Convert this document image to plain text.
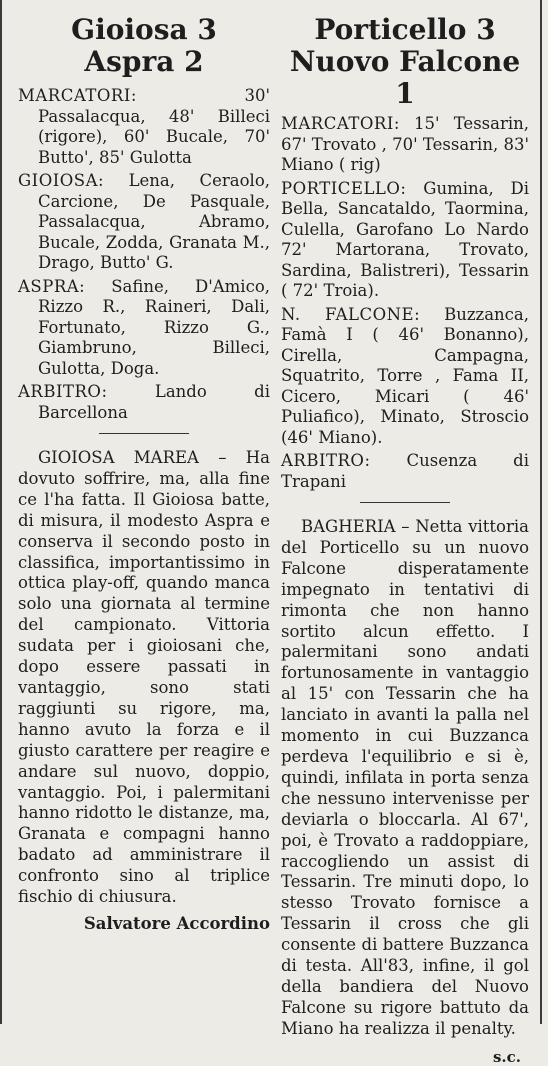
Gioiosa 3
Aspra 2

MARCATORI:	30' Passalacqua, 48' Billeci (rigore), 60' Bucale, 70' Butto', 85' Gulotta

GIOIOSA: Lena, Ceraolo, Carcione, De Pasquale, Passalacqua, Abramo, Bucale, Zodda, Granata M., Drago, Butto' G.

ASPRA: Safine, D'Amico, Rizzo R., Raineri, Dali, Fortunato, Rizzo G., Giambruno, Billeci, Gulotta, Doga.

ARBITRO:	Lando di Barcellona

GIOIOSA MAREA – Ha dovuto soffrire, ma, alla fine ce l'ha fatta. Il Gioiosa batte, di misura, il modesto Aspra e conserva il secondo posto in classifica, importantissimo in ottica play-off, quando manca solo una giornata al termine del campionato. Vittoria sudata per i gioiosani che, dopo essere passati in vantaggio, sono stati raggiunti su rigore, ma, hanno avuto la forza e il giusto carattere per reagire e andare sul nuovo, doppio, vantaggio. Poi, i palermitani hanno ridotto le distanze, ma, Granata e compagni hanno badato ad amministrare il confronto sino al triplice fischio di chiusura.

Salvatore Accordino
Porticello 3
Nuovo Falcone 1

MARCATORI: 15' Tessarin, 67' Trovato , 70' Tessarin, 83' Miano ( rig)

PORTICELLO: Gumina, Di Bella, Sancataldo, Taormina, Culella, Garofano Lo Nardo 72' Martorana, Trovato, Sardina, Balistreri), Tessarin ( 72' Troia).

N. FALCONE: Buzzanca, Famà I ( 46' Bonanno), Cirella, Campagna, Squatrito, Torre , Fama II, Cicero, Micari ( 46' Puliafico), Minato, Stroscio (46' Miano).

ARBITRO: Cusenza di Trapani

BAGHERIA – Netta vittoria del Porticello su un nuovo Falcone disperatamente impegnato in tentativi di rimonta che non hanno sortito alcun effetto. I palermitani sono andati fortunosamente in vantaggio al 15' con Tessarin che ha lanciato in avanti la palla nel momento in cui Buzzanca perdeva l'equilibrio e si è, quindi, infilata in porta senza che nessuno intervenisse per deviarla o bloccarla. Al 67', poi, è Trovato a raddoppiare, raccogliendo un assist di Tessarin. Tre minuti dopo, lo stesso Trovato fornisce a Tessarin il cross che gli consente di battere Buzzanca di testa. All'83, infine, il gol della bandiera del Nuovo Falcone su rigore battuto da Miano ha realizza il penalty.

s.c.
